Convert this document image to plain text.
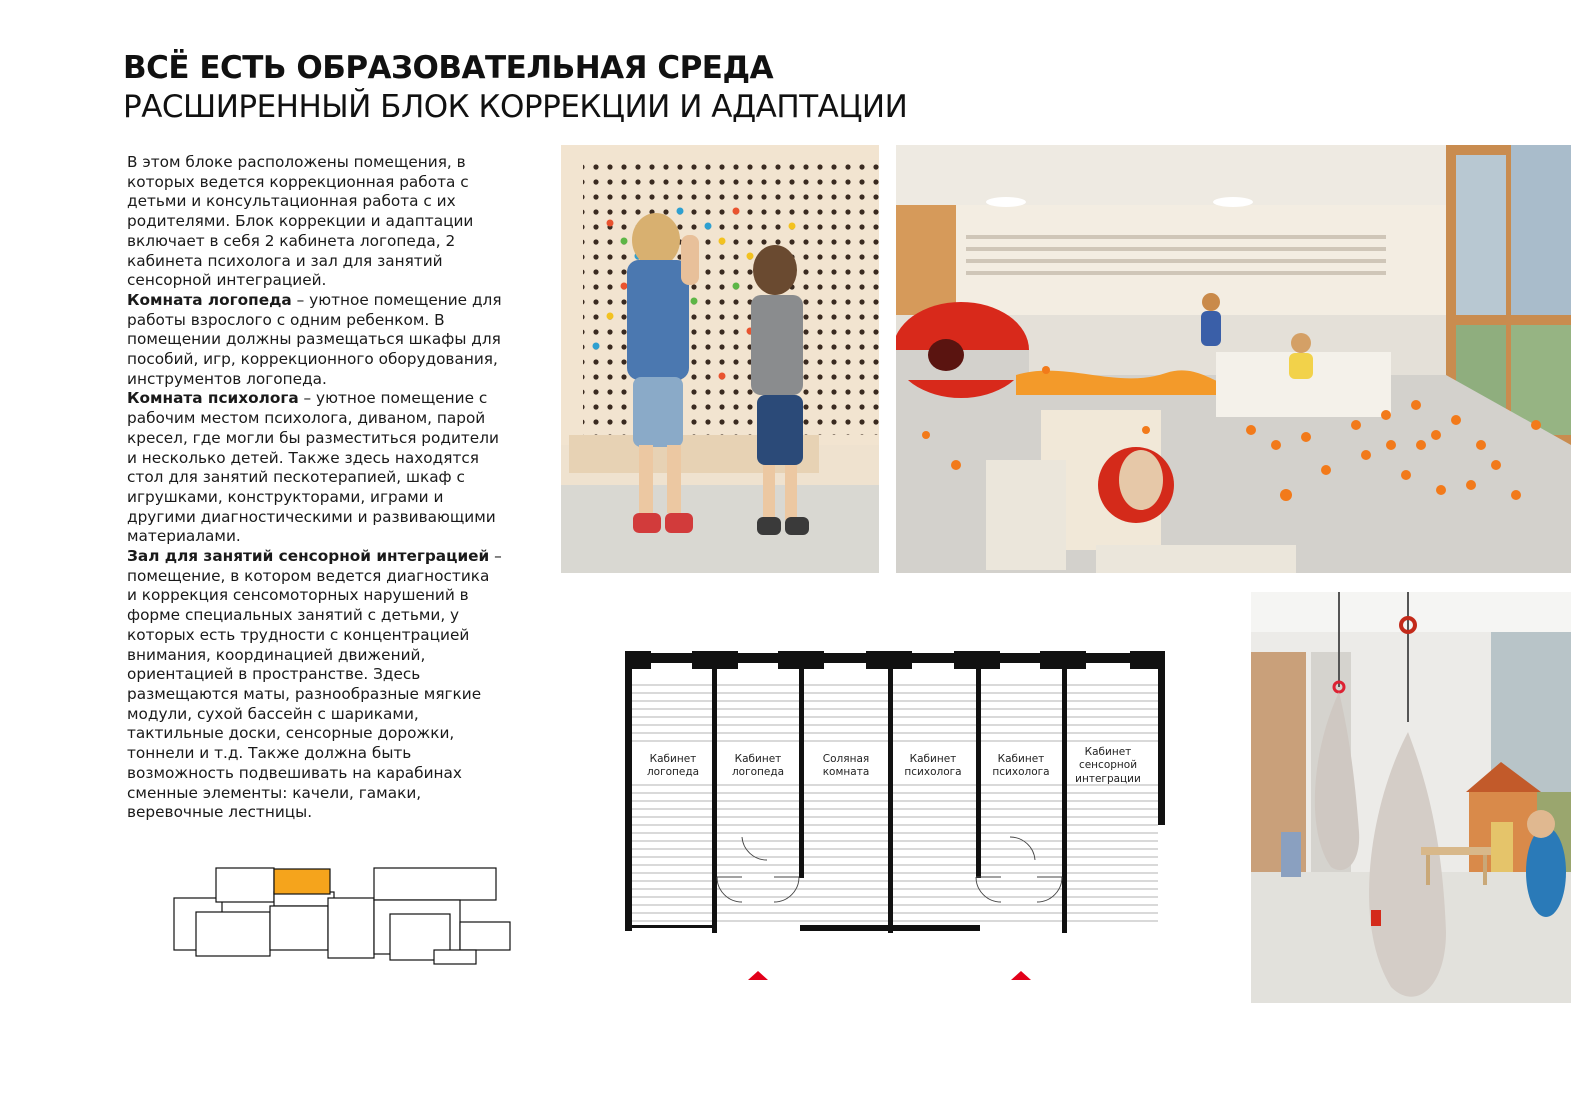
ВСЁ ЕСТЬ ОБРАЗОВАТЕЛЬНАЯ СРЕДА
РАСШИРЕННЫЙ БЛОК КОРРЕКЦИИ И АДАПТАЦИИ

В этом блоке расположены помещения, в которых ведется коррекционная работа с детьми и консультационная работа с их родителями. Блок коррекции и адаптации включает в себя 2 кабинета логопеда, 2 кабинета психолога и зал для занятий сенсорной интеграцией.

Комната логопеда – уютное помещение для работы взрослого с одним ребенком. В помещении должны размещаться шкафы для пособий, игр, коррекционного оборудования, инструментов логопеда.

Комната психолога – уютное помещение с рабочим местом психолога, диваном, парой кресел, где могли бы разместиться родители и несколько детей. Также здесь находятся стол для занятий пескотерапией, шкаф с игрушками, конструкторами, играми и другими диагностическими и развивающими материалами.

Зал для занятий сенсорной интеграцией – помещение, в котором ведется диагностика и коррекция сенсомоторных нарушений в форме специальных занятий с детьми, у которых есть трудности с концентрацией внимания, координацией движений, ориентацией в пространстве. Здесь размещаются маты, разнообразные мягкие модули, сухой бассейн с шариками, тактильные доски, сенсорные дорожки, тоннели и т.д. Также должна быть возможность подвешивать на карабинах сменные элементы: качели, гамаки, веревочные лестницы.

Кабинет
логопеда
Кабинет
логопеда
Соляная
комната
Кабинет
психолога
Кабинет
психолога
Кабинет
сенсорной
интеграции
